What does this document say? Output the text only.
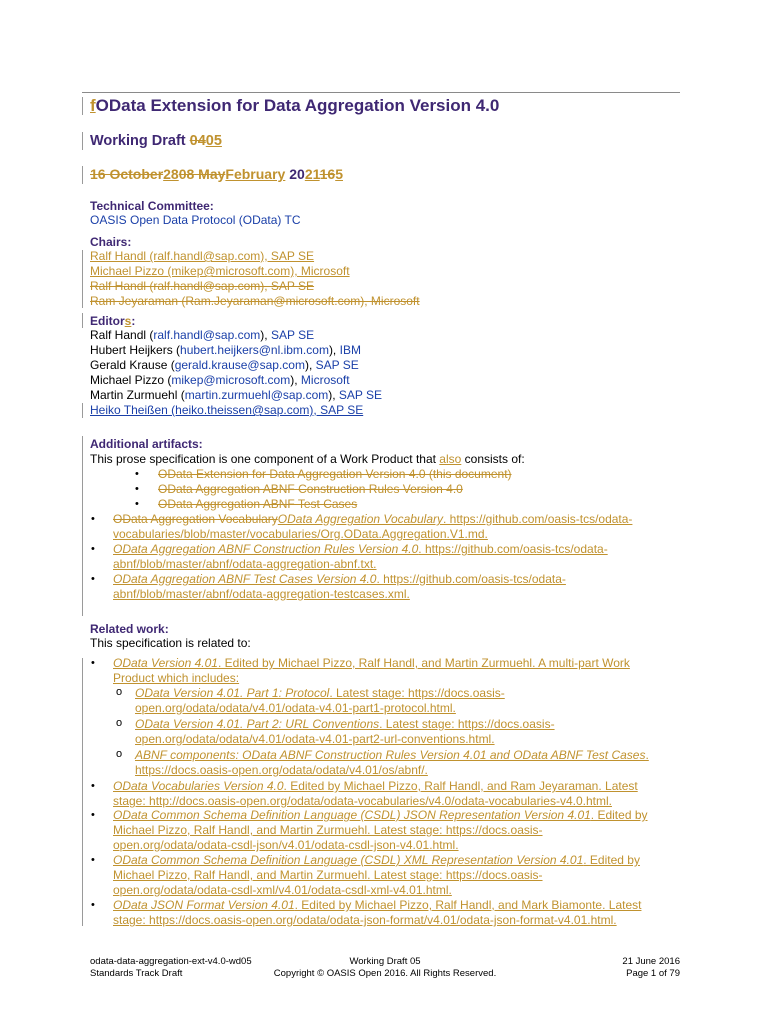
fOData Extension for Data Aggregation Version 4.0
Working Draft 0405
16 October2808 MayFebruary 2021165
Technical Committee:
OASIS Open Data Protocol (OData) TC
Chairs:
Ralf Handl (ralf.handl@sap.com), SAP SE
Michael Pizzo (mikep@microsoft.com), Microsoft
Ralf Handl (ralf.handl@sap.com), SAP SE
Ram Jeyaraman (Ram.Jeyaraman@microsoft.com), Microsoft
Editors:
Ralf Handl (ralf.handl@sap.com), SAP SE
Hubert Heijkers (hubert.heijkers@nl.ibm.com), IBM
Gerald Krause (gerald.krause@sap.com), SAP SE
Michael Pizzo (mikep@microsoft.com), Microsoft
Martin Zurmuehl (martin.zurmuehl@sap.com), SAP SE
Heiko Theißen (heiko.theissen@sap.com), SAP SE
Additional artifacts:
This prose specification is one component of a Work Product that also consists of:
• OData Extension for Data Aggregation Version 4.0 (this document)
• OData Aggregation ABNF Construction Rules Version 4.0
• OData Aggregation ABNF Test Cases
• OData Aggregation VocabularyOData Aggregation Vocabulary. https://github.com/oasis-tcs/odata-
vocabularies/blob/master/vocabularies/Org.OData.Aggregation.V1.md.
• OData Aggregation ABNF Construction Rules Version 4.0. https://github.com/oasis-tcs/odata-
abnf/blob/master/abnf/odata-aggregation-abnf.txt.
• OData Aggregation ABNF Test Cases Version 4.0. https://github.com/oasis-tcs/odata-
abnf/blob/master/abnf/odata-aggregation-testcases.xml.
Related work:
This specification is related to:
• OData Version 4.01. Edited by Michael Pizzo, Ralf Handl, and Martin Zurmuehl. A multi-part Work
Product which includes:
o OData Version 4.01. Part 1: Protocol. Latest stage: https://docs.oasis-
open.org/odata/odata/v4.01/odata-v4.01-part1-protocol.html.
o OData Version 4.01. Part 2: URL Conventions. Latest stage: https://docs.oasis-
open.org/odata/odata/v4.01/odata-v4.01-part2-url-conventions.html.
o ABNF components: OData ABNF Construction Rules Version 4.01 and OData ABNF Test Cases.
https://docs.oasis-open.org/odata/odata/v4.01/os/abnf/.
• OData Vocabularies Version 4.0. Edited by Michael Pizzo, Ralf Handl, and Ram Jeyaraman. Latest
stage: http://docs.oasis-open.org/odata/odata-vocabularies/v4.0/odata-vocabularies-v4.0.html.
• OData Common Schema Definition Language (CSDL) JSON Representation Version 4.01. Edited by
Michael Pizzo, Ralf Handl, and Martin Zurmuehl. Latest stage: https://docs.oasis-
open.org/odata/odata-csdl-json/v4.01/odata-csdl-json-v4.01.html.
• OData Common Schema Definition Language (CSDL) XML Representation Version 4.01. Edited by
Michael Pizzo, Ralf Handl, and Martin Zurmuehl. Latest stage: https://docs.oasis-
open.org/odata/odata-csdl-xml/v4.01/odata-csdl-xml-v4.01.html.
• OData JSON Format Version 4.01. Edited by Michael Pizzo, Ralf Handl, and Mark Biamonte. Latest
stage: https://docs.oasis-open.org/odata/odata-json-format/v4.01/odata-json-format-v4.01.html.
odata-data-aggregation-ext-v4.0-wd05
Standards Track Draft
Working Draft 05
Copyright © OASIS Open 2016. All Rights Reserved.
21 June 2016
Page 1 of 79
